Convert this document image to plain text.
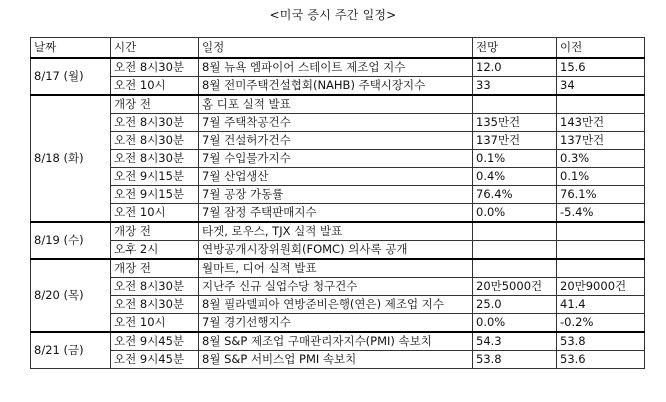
<미국 증시 주간 일정>
날짜	시간	일정	전망	이전
8/17 (월)	오전 8시30분	8월 뉴욕 엠파이어 스테이트 제조업 지수	12.0	15.6
	오전 10시	8월 전미주택건설협회(NAHB) 주택시장지수	33	34
8/18 (화)	개장 전	홈 디포 실적 발표		
	오전 8시30분	7월 주택착공건수	135만건	143만건
	오전 8시30분	7월 건설허가건수	137만건	137만건
	오전 8시30분	7월 수입물가지수	0.1%	0.3%
	오전 9시15분	7월 산업생산	0.4%	0.1%
	오전 9시15분	7월 공장 가동률	76.4%	76.1%
	오전 10시	7월 잠정 주택판매지수	0.0%	-5.4%
8/19 (수)	개장 전	타겟, 로우스, TJX 실적 발표		
	오후 2시	연방공개시장위원회(FOMC) 의사록 공개		
8/20 (목)	개장 전	월마트, 디어 실적 발표		
	오전 8시30분	지난주 신규 실업수당 청구건수	20만5000건	20만9000건
	오전 8시30분	8월 필라델피아 연방준비은행(연은) 제조업 지수	25.0	41.4
	오전 10시	7월 경기선행지수	0.0%	-0.2%
8/21 (금)	오전 9시45분	8월 S&P 제조업 구매관리자지수(PMI) 속보치	54.3	53.8
	오전 9시45분	8월 S&P 서비스업 PMI 속보치	53.8	53.6
